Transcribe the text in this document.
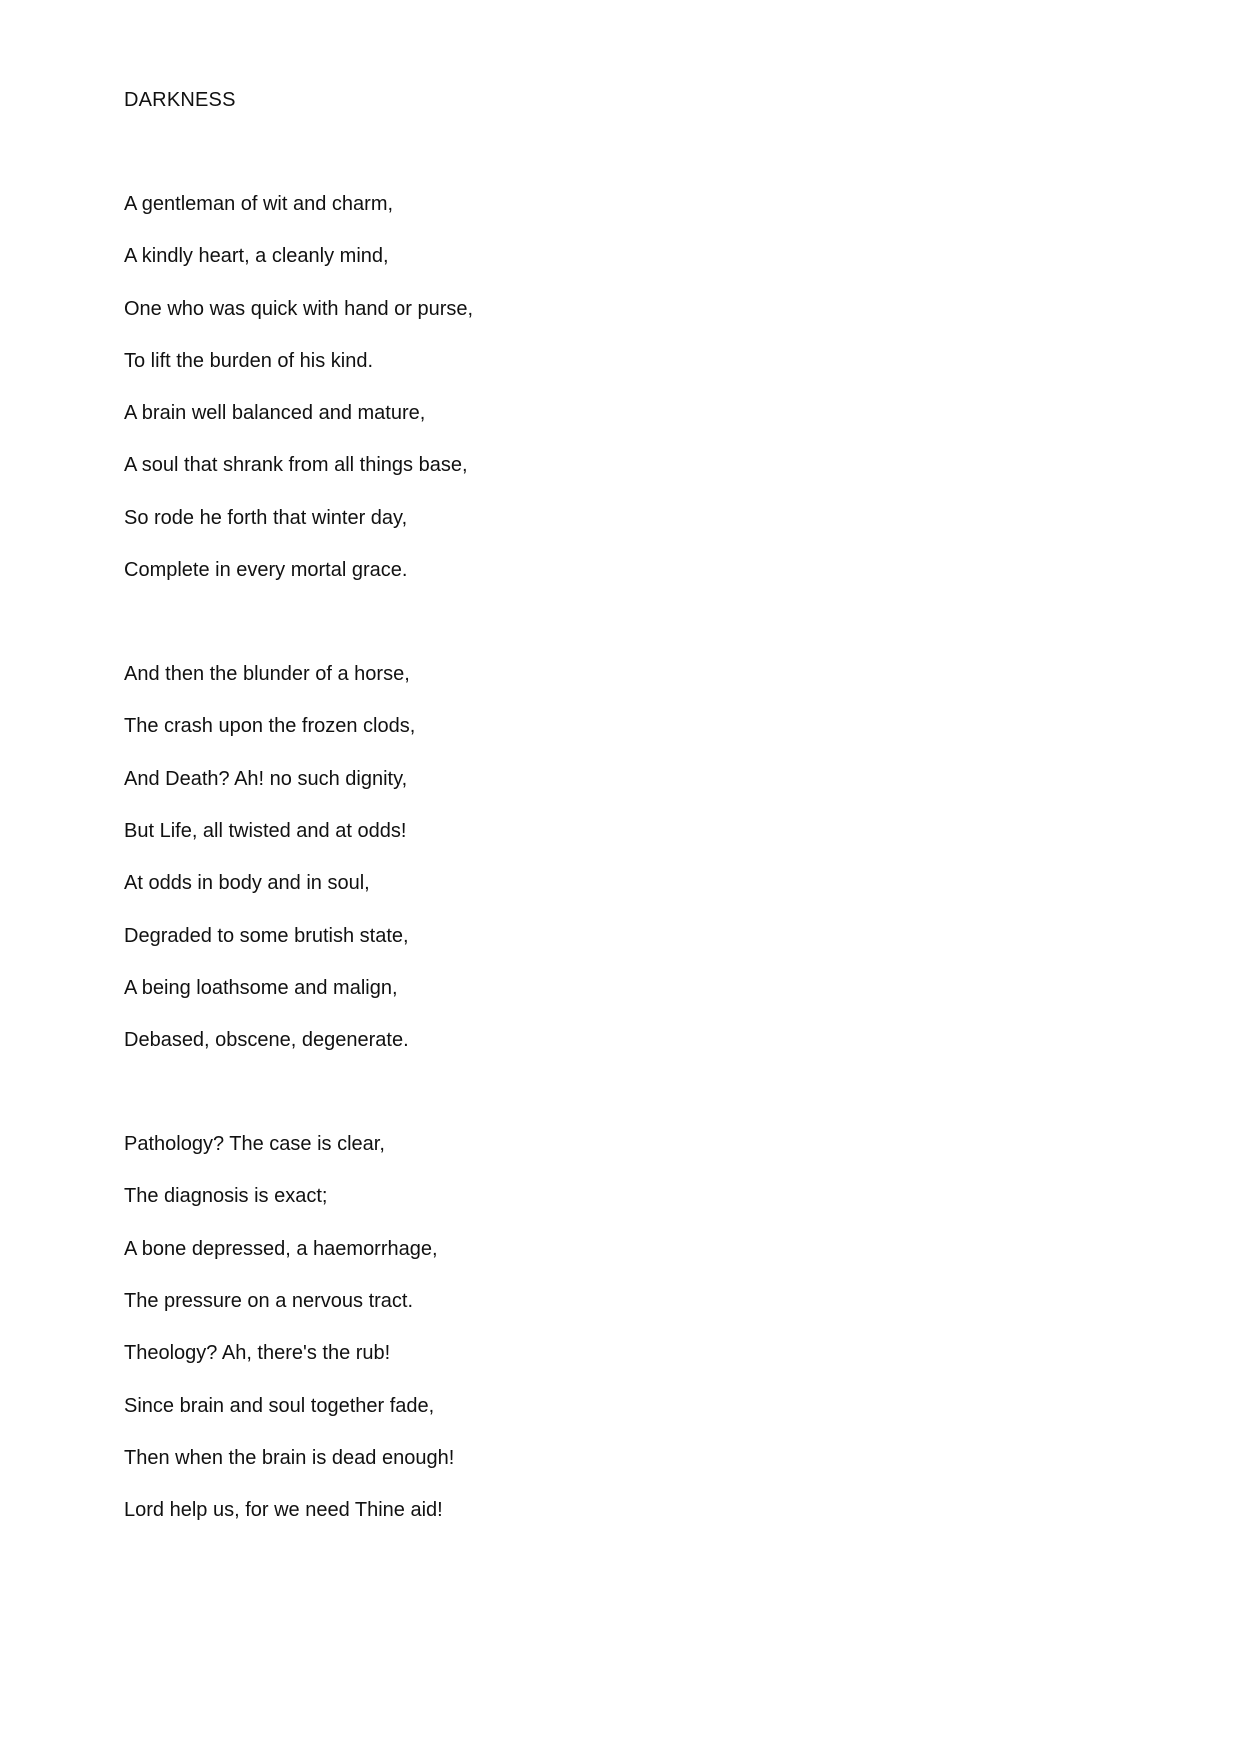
DARKNESS

A gentleman of wit and charm,

A kindly heart, a cleanly mind,

One who was quick with hand or purse,

To lift the burden of his kind.

A brain well balanced and mature,

A soul that shrank from all things base,

So rode he forth that winter day,

Complete in every mortal grace.

And then the blunder of a horse,

The crash upon the frozen clods,

And Death? Ah! no such dignity,

But Life, all twisted and at odds!

At odds in body and in soul,

Degraded to some brutish state,

A being loathsome and malign,

Debased, obscene, degenerate.

Pathology? The case is clear,

The diagnosis is exact;

A bone depressed, a haemorrhage,

The pressure on a nervous tract.

Theology? Ah, there's the rub!

Since brain and soul together fade,

Then when the brain is dead enough!

Lord help us, for we need Thine aid!
